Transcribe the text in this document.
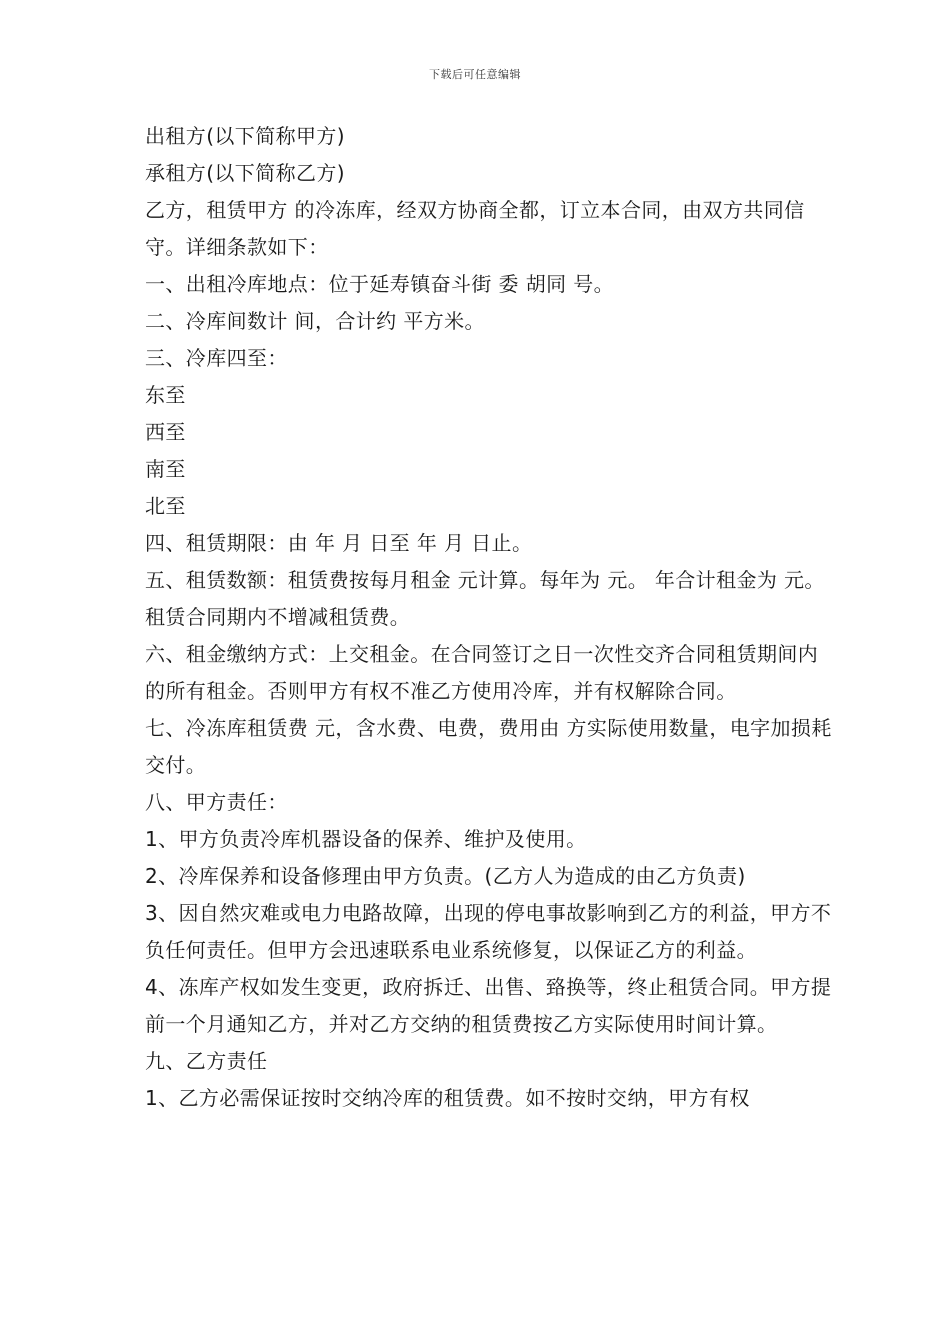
下载后可任意编辑

出租方(以下简称甲方)

承租方(以下简称乙方)

乙方，租赁甲方 的冷冻库，经双方协商全都，订立本合同，由双方共同信守。详细条款如下：

一、出租冷库地点：位于延寿镇奋斗街 委 胡同 号。

二、冷库间数计 间，合计约 平方米。

三、冷库四至：

东至

西至

南至

北至

四、租赁期限：由 年 月 日至 年 月 日止。

五、租赁数额：租赁费按每月租金 元计算。每年为 元。 年合计租金为 元。租赁合同期内不增减租赁费。

六、租金缴纳方式：上交租金。在合同签订之日一次性交齐合同租赁期间内的所有租金。否则甲方有权不准乙方使用冷库，并有权解除合同。

七、冷冻库租赁费 元，含水费、电费，费用由 方实际使用数量，电字加损耗交付。

八、甲方责任：

1、甲方负责冷库机器设备的保养、维护及使用。

2、冷库保养和设备修理由甲方负责。(乙方人为造成的由乙方负责)

3、因自然灾难或电力电路故障，出现的停电事故影响到乙方的利益，甲方不负任何责任。但甲方会迅速联系电业系统修复，以保证乙方的利益。

4、冻库产权如发生变更，政府拆迁、出售、臵换等，终止租赁合同。甲方提前一个月通知乙方，并对乙方交纳的租赁费按乙方实际使用时间计算。

九、乙方责任

1、乙方必需保证按时交纳冷库的租赁费。如不按时交纳，甲方有权
